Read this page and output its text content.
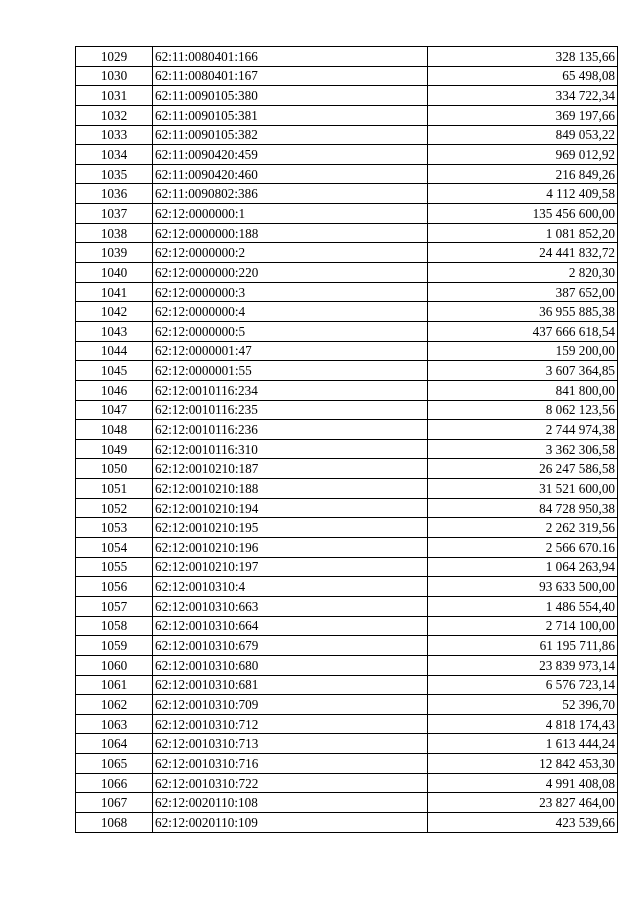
1029	62:11:0080401:166	328 135,66
1030	62:11:0080401:167	65 498,08
1031	62:11:0090105:380	334 722,34
1032	62:11:0090105:381	369 197,66
1033	62:11:0090105:382	849 053,22
1034	62:11:0090420:459	969 012,92
1035	62:11:0090420:460	216 849,26
1036	62:11:0090802:386	4 112 409,58
1037	62:12:0000000:1	135 456 600,00
1038	62:12:0000000:188	1 081 852,20
1039	62:12:0000000:2	24 441 832,72
1040	62:12:0000000:220	2 820,30
1041	62:12:0000000:3	387 652,00
1042	62:12:0000000:4	36 955 885,38
1043	62:12:0000000:5	437 666 618,54
1044	62:12:0000001:47	159 200,00
1045	62:12:0000001:55	3 607 364,85
1046	62:12:0010116:234	841 800,00
1047	62:12:0010116:235	8 062 123,56
1048	62:12:0010116:236	2 744 974,38
1049	62:12:0010116:310	3 362 306,58
1050	62:12:0010210:187	26 247 586,58
1051	62:12:0010210:188	31 521 600,00
1052	62:12:0010210:194	84 728 950,38
1053	62:12:0010210:195	2 262 319,56
1054	62:12:0010210:196	2 566 670.16
1055	62:12:0010210:197	1 064 263,94
1056	62:12:0010310:4	93 633 500,00
1057	62:12:0010310:663	1 486 554,40
1058	62:12:0010310:664	2 714 100,00
1059	62:12:0010310:679	61 195 711,86
1060	62:12:0010310:680	23 839 973,14
1061	62:12:0010310:681	6 576 723,14
1062	62:12:0010310:709	52 396,70
1063	62:12:0010310:712	4 818 174,43
1064	62:12:0010310:713	1 613 444,24
1065	62:12:0010310:716	12 842 453,30
1066	62:12:0010310:722	4 991 408,08
1067	62:12:0020110:108	23 827 464,00
1068	62:12:0020110:109	423 539,66
